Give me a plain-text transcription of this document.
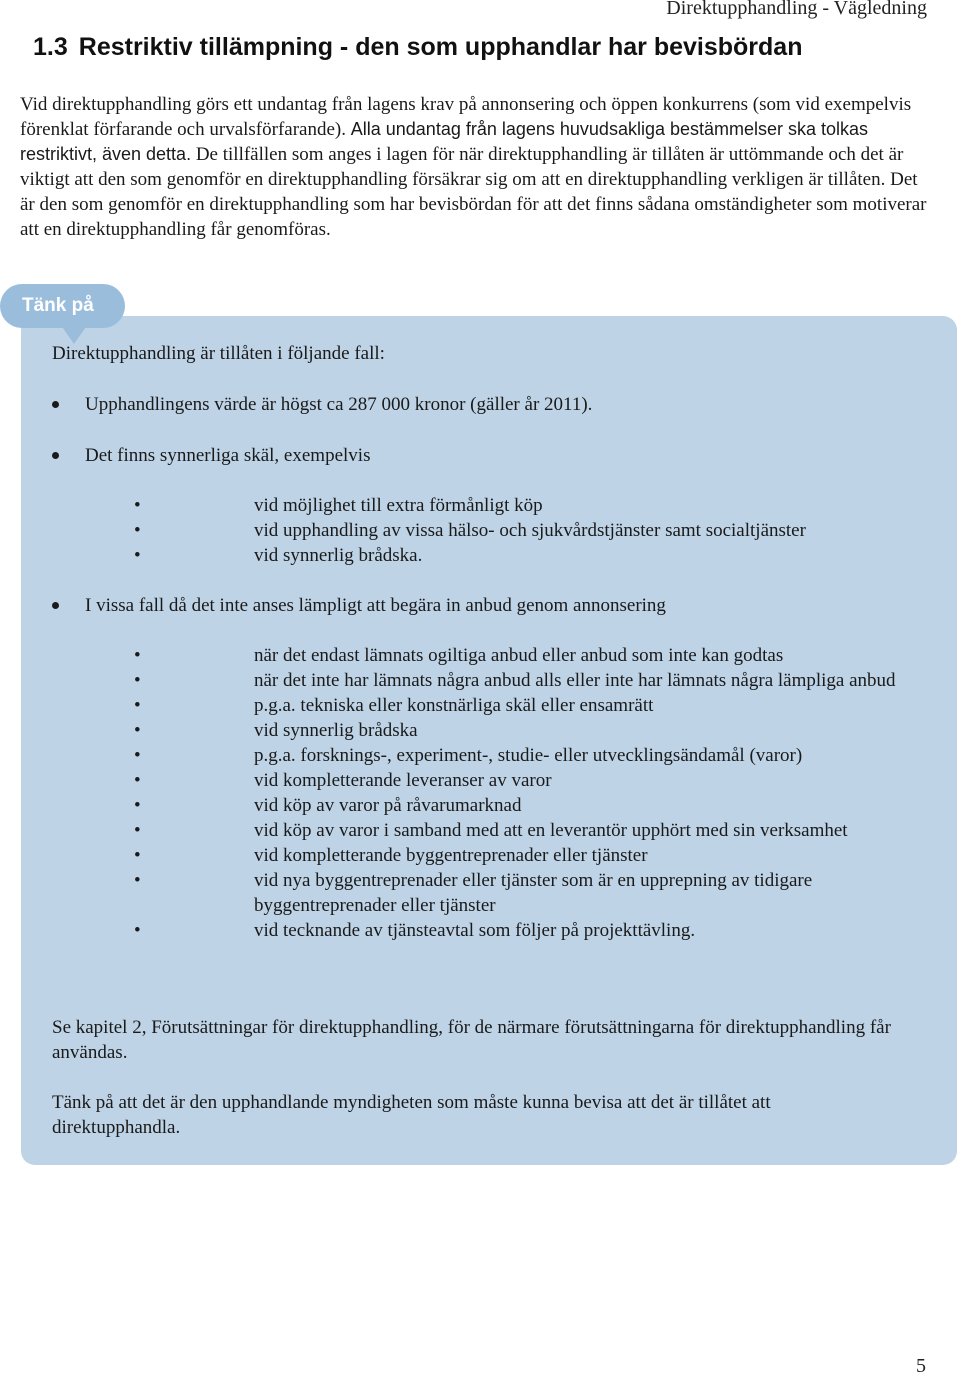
Direktupphandling - Vägledning
1.3 Restriktiv tillämpning - den som upphandlar har bevisbördan

Vid direktupphandling görs ett undantag från lagens krav på annonsering och öppen konkurrens (som vid exempelvis förenklat förfarande och urvalsförfarande). Alla undantag från lagens huvudsakliga bestämmelser ska tolkas restriktivt, även detta. De tillfällen som anges i lagen för när direktupphandling är tillåten är uttömmande och det är viktigt att den som genomför en direktupphandling försäkrar sig om att en direktupphandling verkligen är tillåten. Det är den som genomför en direktupphandling som har bevisbördan för att det finns sådana omständigheter som motiverar att en direktupphandling får genomföras.

Tänk på

Direktupphandling är tillåten i följande fall:

Upphandlingens värde är högst ca 287 000 kronor (gäller år 2011).
Det finns synnerliga skäl, exempelvis
•	vid möjlighet till extra förmånligt köp
•	vid upphandling av vissa hälso- och sjukvårdstjänster samt socialtjänster
•	vid synnerlig brådska.
I vissa fall då det inte anses lämpligt att begära in anbud genom annonsering
•	när det endast lämnats ogiltiga anbud eller anbud som inte kan godtas
•	när det inte har lämnats några anbud alls eller inte har lämnats några lämpliga anbud
•	p.g.a. tekniska eller konstnärliga skäl eller ensamrätt
•	vid synnerlig brådska
•	p.g.a. forsknings-, experiment-, studie- eller utvecklingsändamål (varor)
•	vid kompletterande leveranser av varor
•	vid köp av varor på råvarumarknad
•	vid köp av varor i samband med att en leverantör upphört med sin verksamhet
•	vid kompletterande byggentreprenader eller tjänster
•	vid nya byggentreprenader eller tjänster som är en upprepning av tidigare byggentreprenader eller tjänster
•	vid tecknande av tjänsteavtal som följer på projekttävling.

Se kapitel 2, Förutsättningar för direktupphandling, för de närmare förutsättningarna för direktupphandling får användas.

Tänk på att det är den upphandlande myndigheten som måste kunna bevisa att det är tillåtet att direktupphandla.

5
